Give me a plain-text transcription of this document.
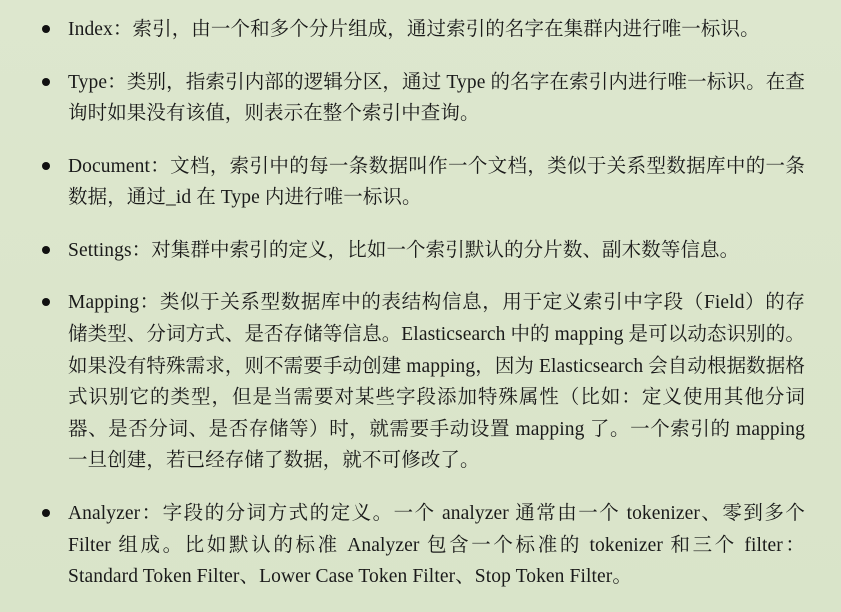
Index：索引，由一个和多个分片组成，通过索引的名字在集群内进行唯一标识。
Type：类别，指索引内部的逻辑分区，通过 Type 的名字在索引内进行唯一标识。在查询时如果没有该值，则表示在整个索引中查询。
Document：文档，索引中的每一条数据叫作一个文档，类似于关系型数据库中的一条数据，通过_id 在 Type 内进行唯一标识。
Settings：对集群中索引的定义，比如一个索引默认的分片数、副木数等信息。
Mapping：类似于关系型数据库中的表结构信息，用于定义索引中字段（Field）的存储类型、分词方式、是否存储等信息。Elasticsearch 中的 mapping 是可以动态识别的。如果没有特殊需求，则不需要手动创建 mapping，因为 Elasticsearch 会自动根据数据格式识别它的类型，但是当需要对某些字段添加特殊属性（比如：定义使用其他分词器、是否分词、是否存储等）时，就需要手动设置 mapping 了。一个索引的 mapping 一旦创建，若已经存储了数据，就不可修改了。
Analyzer：字段的分词方式的定义。一个 analyzer 通常由一个 tokenizer、零到多个 Filter 组成。比如默认的标准 Analyzer 包含一个标准的 tokenizer 和三个 filter：Standard Token Filter、Lower Case Token Filter、Stop Token Filter。
